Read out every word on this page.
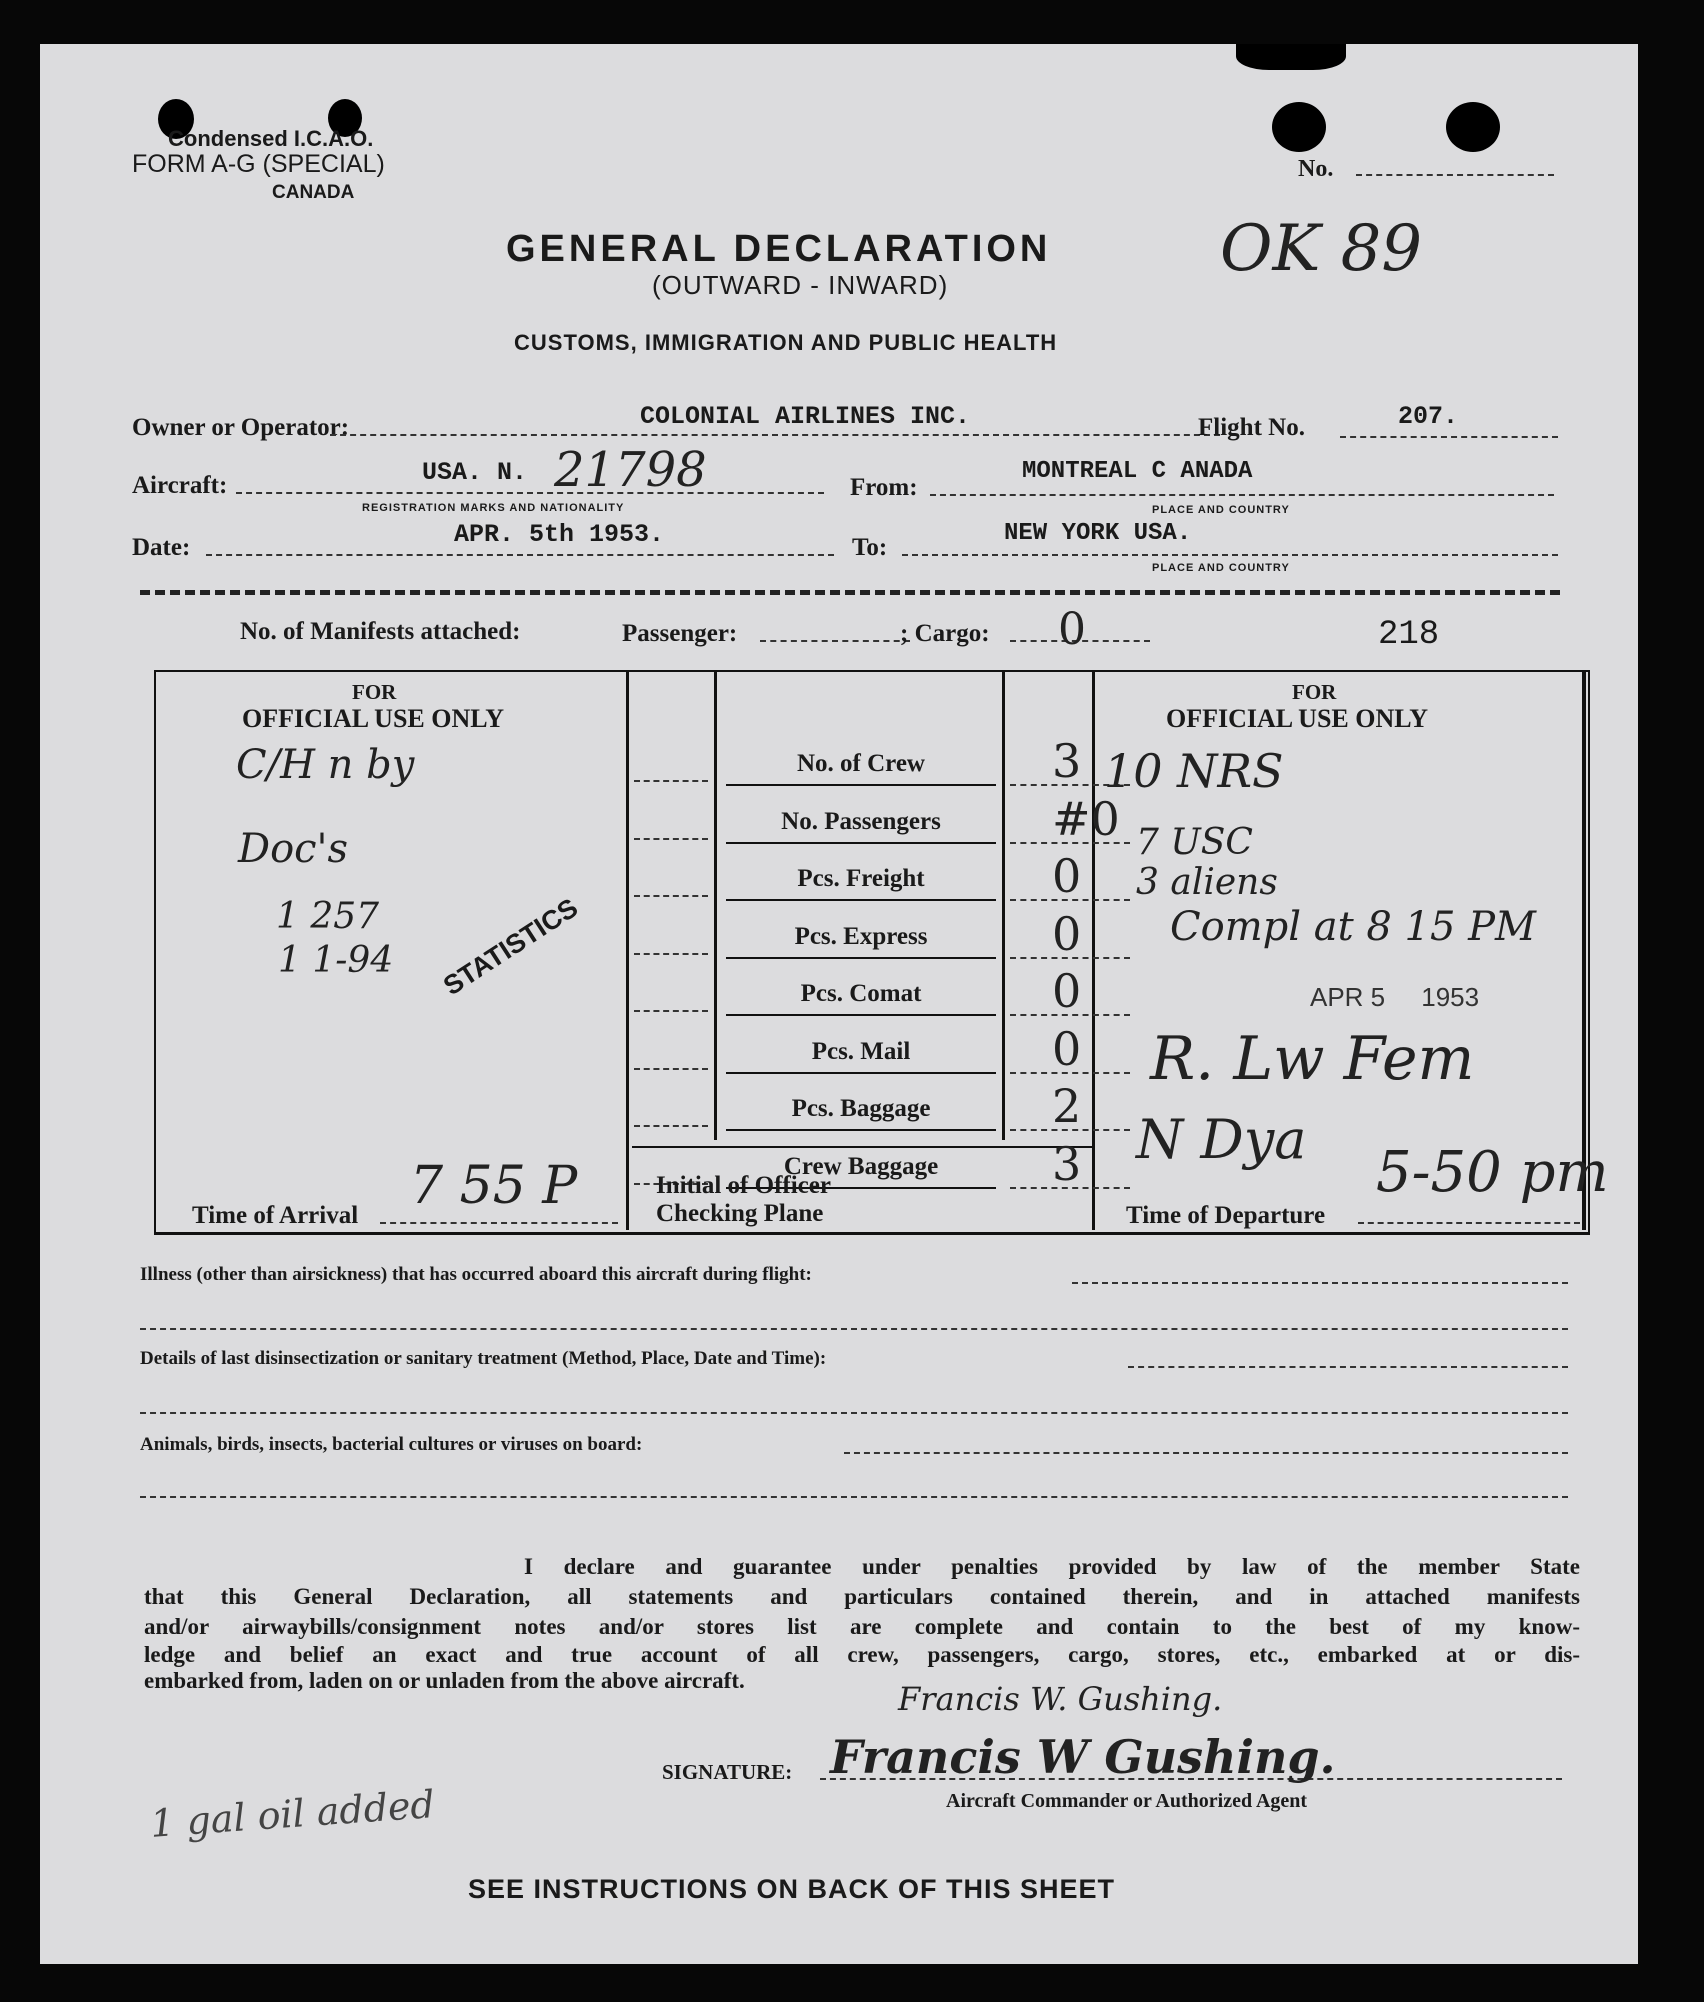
Condensed I.C.A.O.
FORM A-G (SPECIAL)
CANADA
No.
GENERAL DECLARATION	OK 89
(OUTWARD - INWARD)
CUSTOMS, IMMIGRATION AND PUBLIC HEALTH
Owner or Operator:	COLONIAL AIRLINES INC.	Flight No.	207.
Aircraft:	USA. N. 21798
REGISTRATION MARKS AND NATIONALITY
From:
MONTREAL C ANADA
PLACE AND COUNTRY
Date:	APR. 5th 1953.	To:
NEW YORK USA.
PLACE AND COUNTRY
No. of Manifests attached:	Passenger:	; Cargo: 0	218
FOR
OFFICIAL USE ONLY
FOR
OFFICIAL USE ONLY
No. of Crew	3
No. Passengers	#0
Pcs. Freight	0
Pcs. Express	0
Pcs. Comat	0
Pcs. Mail	0
Pcs. Baggage	2
Crew Baggage	3
C/H n by
Doc's
1 257
1 1-94 STATISTICS
Time of Arrival 7 55 P	Initial of Officer
Checking Plane
10 NRS
7 USC
3 aliens
Compl at 8 15 PM
APR 5     1953
R. Lw Fem
N Dya
Time of Departure
5-50 pm
Illness (other than airsickness) that has occurred aboard this aircraft during flight:
Details of last disinsectization or sanitary treatment (Method, Place, Date and Time):
Animals, birds, insects, bacterial cultures or viruses on board:
I declare and guarantee under penalties provided by law of the member State
that this General Declaration, all statements and particulars contained therein, and in attached manifests
and/or airwaybills/consignment notes and/or stores list are complete and contain to the best of my know-
ledge and belief an exact and true account of all crew, passengers, cargo, stores, etc., embarked at or dis-
embarked from, laden on or unladen from the above aircraft.	Francis W. Gushing.
SIGNATURE: Francis W Gushing.
Aircraft Commander or Authorized Agent
1 gal oil added
SEE INSTRUCTIONS ON BACK OF THIS SHEET
